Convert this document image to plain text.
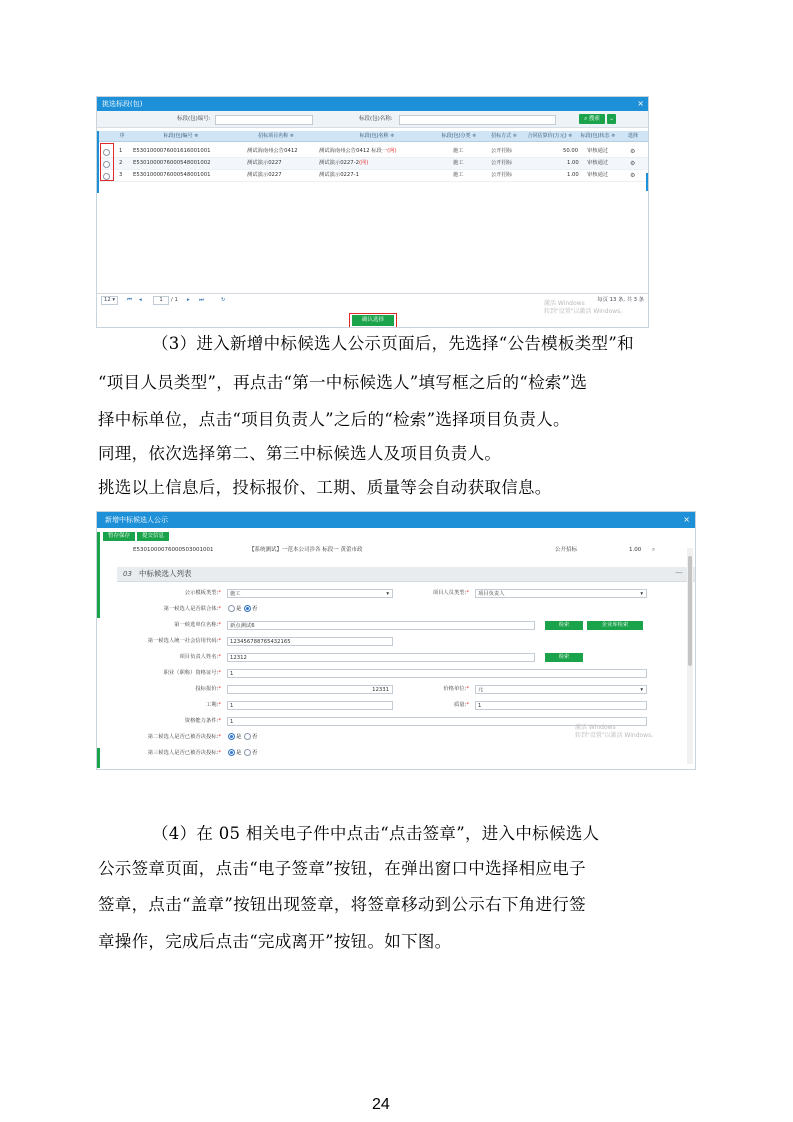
挑选标段(包)	×
标段(包)编号:	标段(包)名称:	⌕ 搜索	⌄
序	标段(包)编号 ≑	招标项目名称 ≑	标段(包)名称 ≑	标段(包)分类 ≑	招标方式 ≑	合同估算价(万元) ≑	标段(包)状态 ≑	选择
1 E5301000076001616001001	测试海南州公告0412	测试海南州公告0412 标段一(网)	施工	公开招标	50.00 审核通过	⚙
2 E5301000076000548001002	测试演示0227	测试演示0227-2(网)	施工	公开招标	1.00 审核通过	⚙
3 E5301000076000548001001	测试演示0227	测试演示0227-1	施工	公开招标	1.00 审核通过	⚙
12 ▾	⏮ ◂	1	/ 1 ▸ ⏭	↻	每页 13 条, 共 3 条
激活 Windows
转到"设置"以激活 Windows。
确认选择
（3）进入新增中标候选人公示页面后，先选择“公告模板类型”和
“项目人员类型”，再点击“第一中标候选人”填写框之后的“检索”选
择中标单位，点击“项目负责人”之后的“检索”选择项目负责人。
同理，依次选择第二、第三中标候选人及项目负责人。
挑选以上信息后，投标报价、工期、质量等会自动获取信息。
新增中标候选人公示	×
暂存保存	提交信息
E5301000076000503001001	【系统测试】一范本公司涉各 标段一 黄蕾市政	公开招标	1.00 ⌕
03 中标候选人列表	—
公示模板类型:*	施工	▾	项目人员类型:*	项目负责人	▾
第一候选人是否联合体:*	是 否
第一候选单位名称:*	新点测试6	检索	企业库检索
第一候选人统一社会信用代码:*	123456788765432165
项目负责人姓名:*	12312	检索
职业（职称）资格证号:*	1
投标报价:*	12331	价格单位:*	元	▾
工期:*	1	质量:*	1
资格能力条件:*	1
第二候选人是否已被否决投标:*	是 否
第三候选人是否已被否决投标:*	是 否
激活 Windows
转到"设置"以激活 Windows。
（4）在 05 相关电子件中点击“点击签章”，进入中标候选人
公示签章页面，点击“电子签章”按钮，在弹出窗口中选择相应电子
签章，点击“盖章”按钮出现签章，将签章移动到公示右下角进行签
章操作，完成后点击“完成离开”按钮。如下图。
24
